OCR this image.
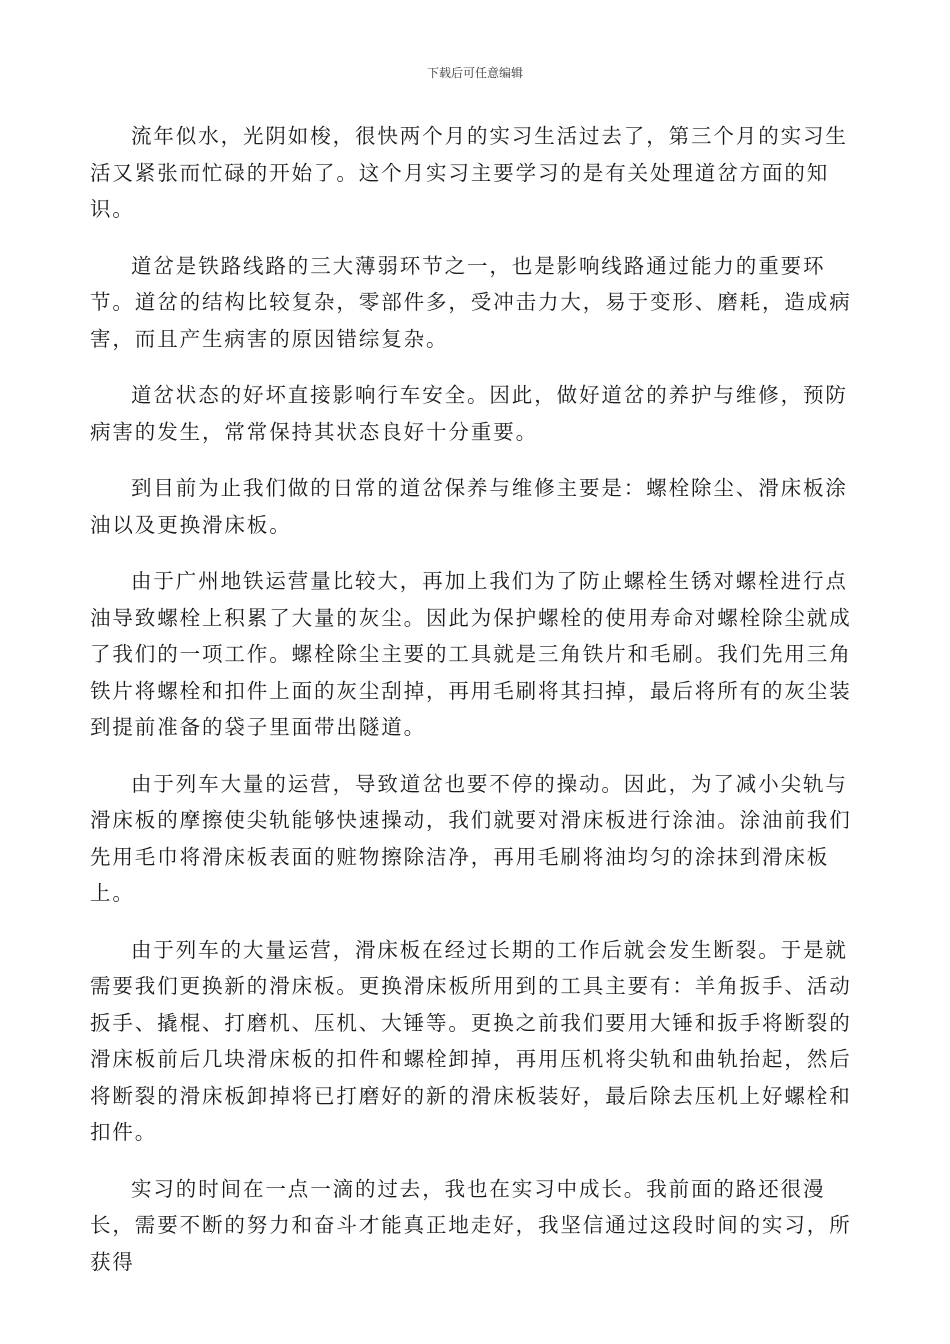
下载后可任意编辑

流年似水，光阴如梭，很快两个月的实习生活过去了，第三个月的实习生活又紧张而忙碌的开始了。这个月实习主要学习的是有关处理道岔方面的知识。

道岔是铁路线路的三大薄弱环节之一，也是影响线路通过能力的重要环节。道岔的结构比较复杂，零部件多，受冲击力大，易于变形、磨耗，造成病害，而且产生病害的原因错综复杂。

道岔状态的好坏直接影响行车安全。因此，做好道岔的养护与维修，预防病害的发生，常常保持其状态良好十分重要。

到目前为止我们做的日常的道岔保养与维修主要是：螺栓除尘、滑床板涂油以及更换滑床板。

由于广州地铁运营量比较大，再加上我们为了防止螺栓生锈对螺栓进行点油导致螺栓上积累了大量的灰尘。因此为保护螺栓的使用寿命对螺栓除尘就成了我们的一项工作。螺栓除尘主要的工具就是三角铁片和毛刷。我们先用三角铁片将螺栓和扣件上面的灰尘刮掉，再用毛刷将其扫掉，最后将所有的灰尘装到提前准备的袋子里面带出隧道。

由于列车大量的运营，导致道岔也要不停的操动。因此，为了减小尖轨与滑床板的摩擦使尖轨能够快速操动，我们就要对滑床板进行涂油。涂油前我们先用毛巾将滑床板表面的赃物擦除洁净，再用毛刷将油均匀的涂抹到滑床板上。

由于列车的大量运营，滑床板在经过长期的工作后就会发生断裂。于是就需要我们更换新的滑床板。更换滑床板所用到的工具主要有：羊角扳手、活动扳手、撬棍、打磨机、压机、大锤等。更换之前我们要用大锤和扳手将断裂的滑床板前后几块滑床板的扣件和螺栓卸掉，再用压机将尖轨和曲轨抬起，然后将断裂的滑床板卸掉将已打磨好的新的滑床板装好，最后除去压机上好螺栓和扣件。

实习的时间在一点一滴的过去，我也在实习中成长。我前面的路还很漫长，需要不断的努力和奋斗才能真正地走好，我坚信通过这段时间的实习，所获得
